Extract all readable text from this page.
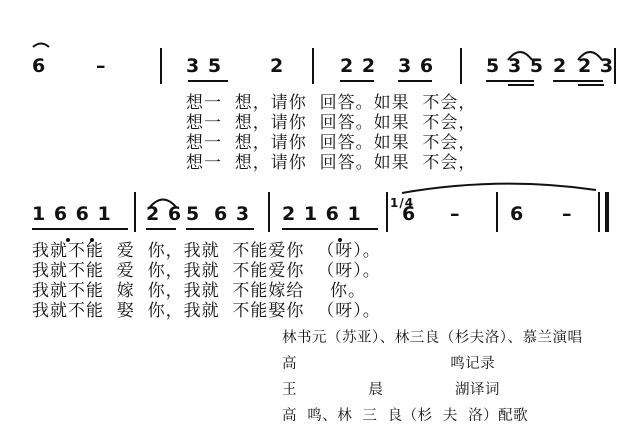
6	–	3 5	2	2 2 3 6	5 3 5 2 2 3
想一  想，请你  回答。如果  不会，
想一  想，请你  回答。如果  不会，
想一  想，请你  回答。如果  不会，
想一  想，请你  回答。如果  不会，
1 6 6 1 2 6 5 6 3 2 1 6 1 1/4
6 –	6 –
我就不能  爱  你，我就  不能爱你  （呀）。
我就不能  爱  你，我就  不能爱你  （呀）。
我就不能  嫁  你，我就  不能嫁给    你。
我就不能  娶  你，我就  不能娶你  （呀）。
林书元（苏亚）、林三良（杉夫洛）、慕兰演唱
高                              鸣记录
王              晨              湖译词
高  鸣、林  三  良（杉  夫  洛）配歌
